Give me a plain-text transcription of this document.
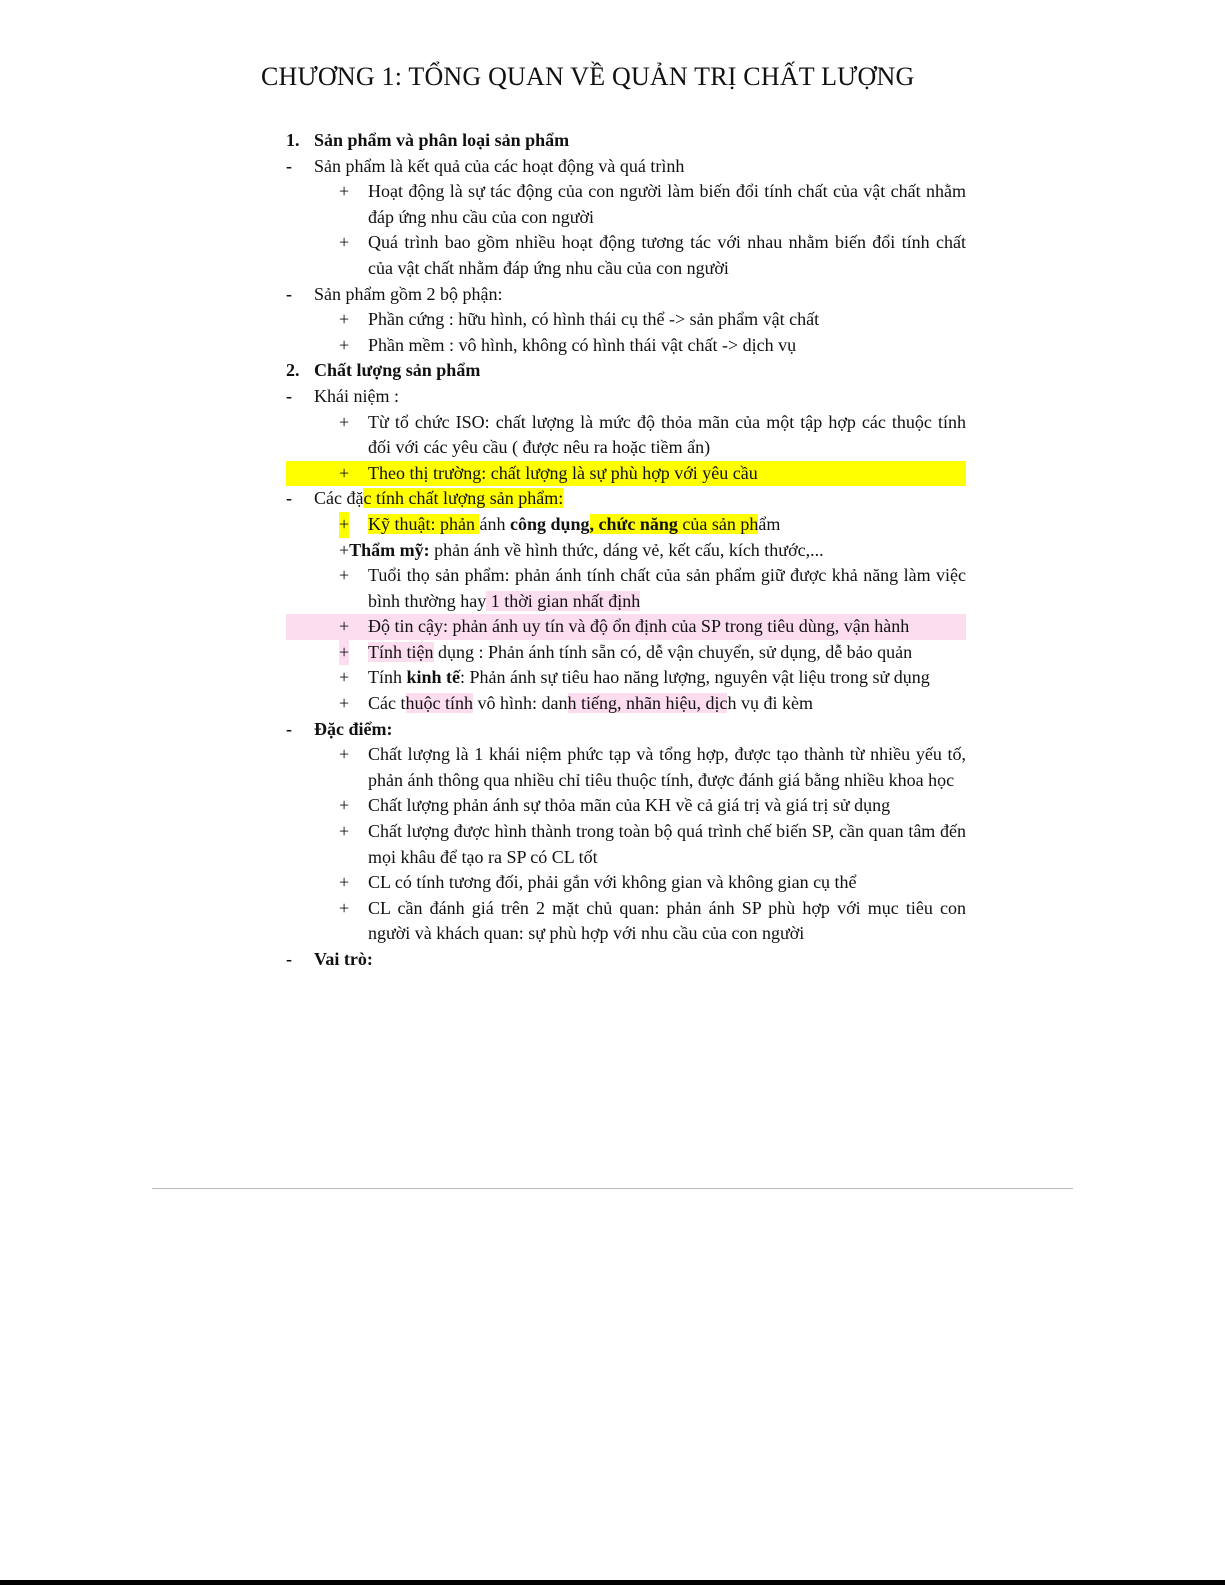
CHƯƠNG 1: TỔNG QUAN VỀ QUẢN TRỊ CHẤT LƯỢNG
1. Sản phẩm và phân loại sản phẩm
- Sản phẩm là kết quả của các hoạt động và quá trình
+ Hoạt động là sự tác động của con người làm biến đổi tính chất của vật chất nhằm đáp ứng nhu cầu của con người
+ Quá trình bao gồm nhiều hoạt động tương tác với nhau nhằm biến đổi tính chất của vật chất nhằm đáp ứng nhu cầu của con người
- Sản phẩm gồm 2 bộ phận:
+ Phần cứng : hữu hình, có hình thái cụ thể -> sản phẩm vật chất
+ Phần mềm : vô hình, không có hình thái vật chất -> dịch vụ
2. Chất lượng sản phẩm
- Khái niệm :
+ Từ tổ chức ISO: chất lượng là mức độ thỏa mãn của một tập hợp các thuộc tính đối với các yêu cầu ( được nêu ra hoặc tiềm ẩn)
+ Theo thị trường: chất lượng là sự phù hợp với yêu cầu
- Các đặc tính chất lượng sản phẩm:
+ Kỹ thuật: phản ánh công dụng, chức năng của sản phẩm
+Thẩm mỹ: phản ánh về hình thức, dáng vẻ, kết cấu, kích thước,...
+ Tuổi thọ sản phẩm: phản ánh tính chất của sản phẩm giữ được khả năng làm việc bình thường hay 1 thời gian nhất định
+ Độ tin cậy: phản ánh uy tín và độ ổn định của SP trong tiêu dùng, vận hành
+ Tính tiện dụng : Phản ánh tính sẵn có, dễ vận chuyển, sử dụng, dễ bảo quản
+ Tính kinh tế: Phản ánh sự tiêu hao năng lượng, nguyên vật liệu trong sử dụng
+ Các thuộc tính vô hình: danh tiếng, nhãn hiệu, dịch vụ đi kèm
- Đặc điểm:
+ Chất lượng là 1 khái niệm phức tạp và tổng hợp, được tạo thành từ nhiều yếu tố, phản ánh thông qua nhiều chỉ tiêu thuộc tính, được đánh giá bằng nhiều khoa học
+ Chất lượng phản ánh sự thỏa mãn của KH về cả giá trị và giá trị sử dụng
+ Chất lượng được hình thành trong toàn bộ quá trình chế biến SP, cần quan tâm đến mọi khâu để tạo ra SP có CL tốt
+ CL có tính tương đối, phải gắn với không gian và không gian cụ thể
+ CL cần đánh giá trên 2 mặt chủ quan: phản ánh SP phù hợp với mục tiêu con người và khách quan: sự phù hợp với nhu cầu của con người
- Vai trò:
